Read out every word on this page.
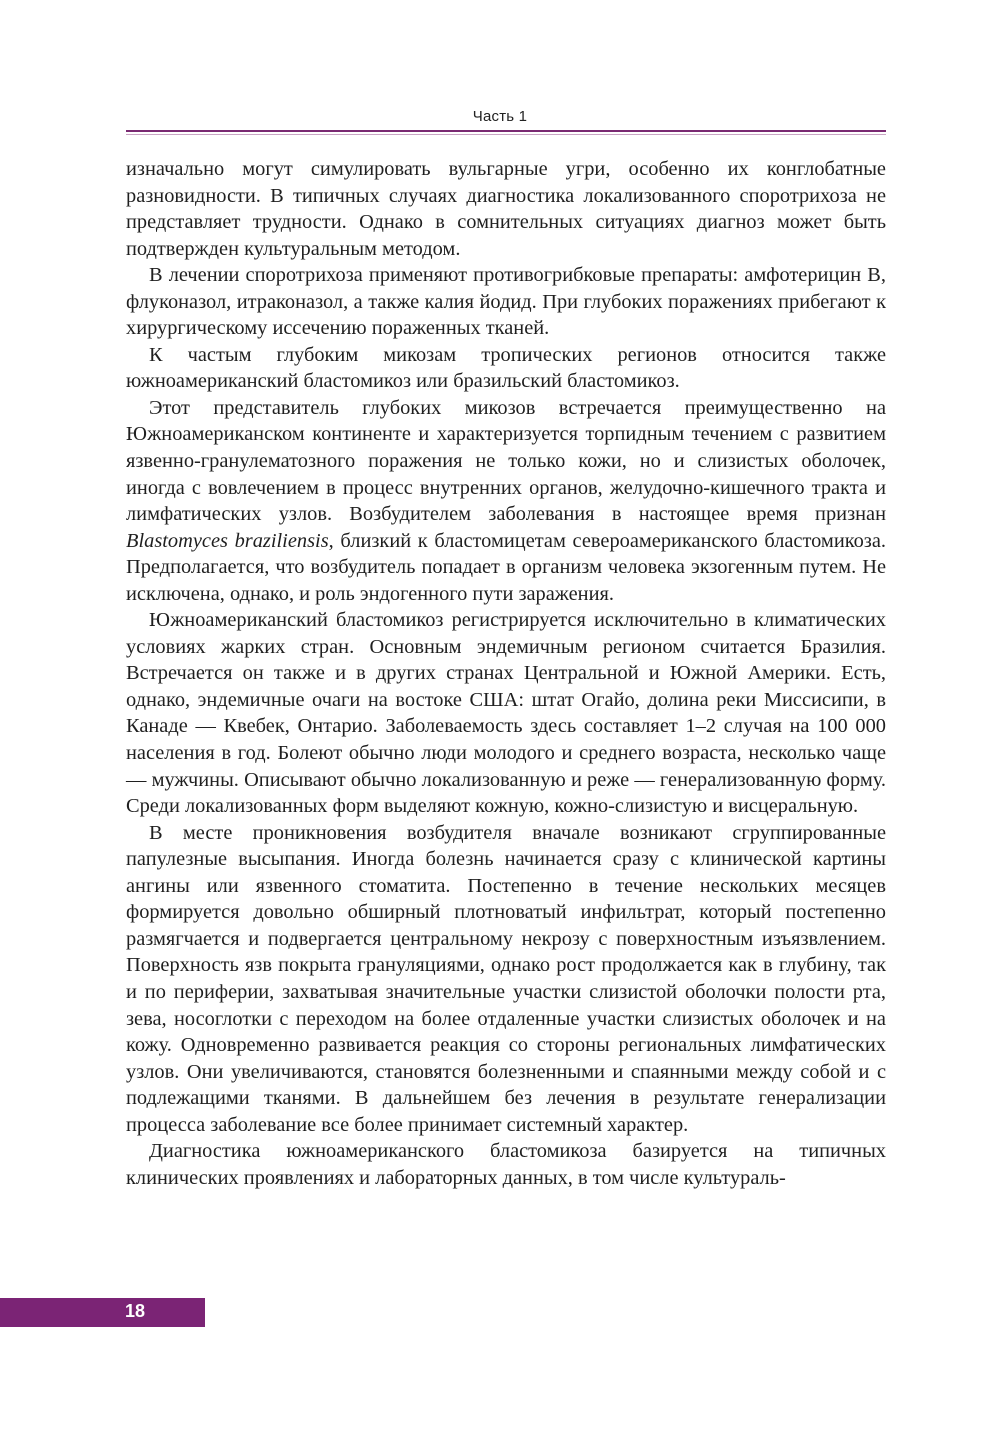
Часть 1

изначально могут симулировать вульгарные угри, особенно их конглобатные разновидности. В типичных случаях диагностика локализованного споротрихоза не представляет трудности. Однако в сомнительных ситуациях диагноз может быть подтвержден культуральным методом.

В лечении споротрихоза применяют противогрибковые препараты: амфотерицин B, флуконазол, итраконазол, а также калия йодид. При глубоких поражениях прибегают к хирургическому иссечению пораженных тканей.

К частым глубоким микозам тропических регионов относится также южноамериканский бластомикоз или бразильский бластомикоз.

Этот представитель глубоких микозов встречается преимущественно на Южноамериканском континенте и характеризуется торпидным течением с развитием язвенно-гранулематозного поражения не только кожи, но и слизистых оболочек, иногда с вовлечением в процесс внутренних органов, желудочно-кишечного тракта и лимфатических узлов. Возбудителем заболевания в настоящее время признан Blastomyces braziliensis, близкий к бластомицетам североамериканского бластомикоза. Предполагается, что возбудитель попадает в организм человека экзогенным путем. Не исключена, однако, и роль эндогенного пути заражения.

Южноамериканский бластомикоз регистрируется исключительно в климатических условиях жарких стран. Основным эндемичным регионом считается Бразилия. Встречается он также и в других странах Центральной и Южной Америки. Есть, однако, эндемичные очаги на востоке США: штат Огайо, долина реки Миссисипи, в Канаде — Квебек, Онтарио. Заболеваемость здесь составляет 1–2 случая на 100 000 населения в год. Болеют обычно люди молодого и среднего возраста, несколько чаще — мужчины. Описывают обычно локализованную и реже — генерализованную форму. Среди локализованных форм выделяют кожную, кожно-слизистую и висцеральную.

В месте проникновения возбудителя вначале возникают сгруппированные папулезные высыпания. Иногда болезнь начинается сразу с клинической картины ангины или язвенного стоматита. Постепенно в течение нескольких месяцев формируется довольно обширный плотноватый инфильтрат, который постепенно размягчается и подвергается центральному некрозу с поверхностным изъязвлением. Поверхность язв покрыта грануляциями, однако рост продолжается как в глубину, так и по периферии, захватывая значительные участки слизистой оболочки полости рта, зева, носоглотки с переходом на более отдаленные участки слизистых оболочек и на кожу. Одновременно развивается реакция со стороны региональных лимфатических узлов. Они увеличиваются, становятся болезненными и спаянными между собой и с подлежащими тканями. В дальнейшем без лечения в результате генерализации процесса заболевание все более принимает системный характер.

Диагностика южноамериканского бластомикоза базируется на типичных клинических проявлениях и лабораторных данных, в том числе культураль-

18
